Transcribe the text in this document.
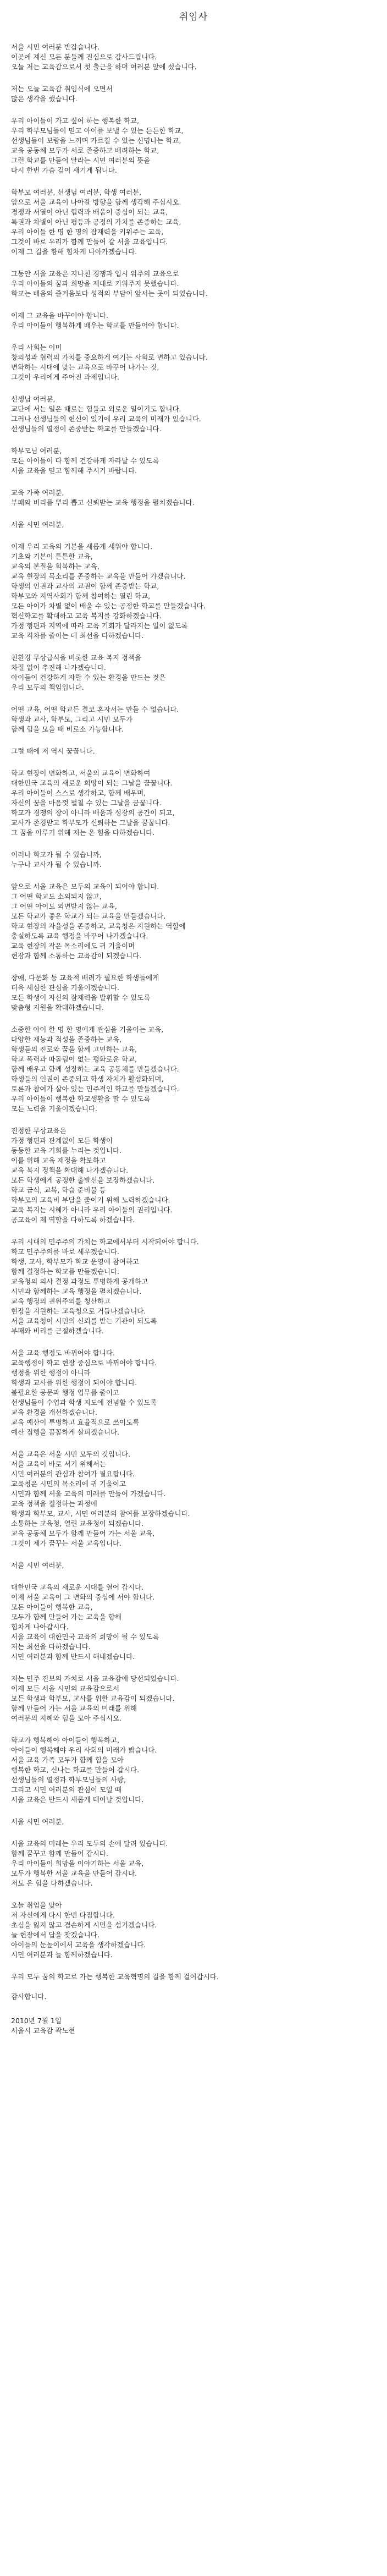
취임사
서울 시민 여러분 반갑습니다.
이곳에 계신 모든 분들께 진심으로 감사드립니다.
오늘 저는 교육감으로서 첫 출근을 하며 여러분 앞에 섰습니다.
저는 오늘 교육감 취임식에 오면서
많은 생각을 했습니다.
우리 아이들이 가고 싶어 하는 행복한 학교,
우리 학부모님들이 믿고 아이를 보낼 수 있는 든든한 학교,
선생님들이 보람을 느끼며 가르칠 수 있는 신명나는 학교,
교육 공동체 모두가 서로 존중하고 배려하는 학교,
그런 학교를 만들어 달라는 시민 여러분의 뜻을
다시 한번 가슴 깊이 새기게 됩니다.
학부모 여러분, 선생님 여러분, 학생 여러분,
앞으로 서울 교육이 나아갈 방향을 함께 생각해 주십시오.
경쟁과 서열이 아닌 협력과 배움이 중심이 되는 교육,
특권과 차별이 아닌 평등과 공정의 가치를 존중하는 교육,
우리 아이들 한 명 한 명의 잠재력을 키워주는 교육,
그것이 바로 우리가 함께 만들어 갈 서울 교육입니다.
이제 그 길을 향해 힘차게 나아가겠습니다.
그동안 서울 교육은 지나친 경쟁과 입시 위주의 교육으로
우리 아이들의 꿈과 희망을 제대로 키워주지 못했습니다.
학교는 배움의 즐거움보다 성적의 부담이 앞서는 곳이 되었습니다.
이제 그 교육을 바꾸어야 합니다.
우리 아이들이 행복하게 배우는 학교를 만들어야 합니다.
우리 사회는 이미
창의성과 협력의 가치를 중요하게 여기는 사회로 변하고 있습니다.
변화하는 시대에 맞는 교육으로 바꾸어 나가는 것,
그것이 우리에게 주어진 과제입니다.
선생님 여러분,
교단에 서는 일은 때로는 힘들고 외로운 일이기도 합니다.
그러나 선생님들의 헌신이 있기에 우리 교육의 미래가 있습니다.
선생님들의 열정이 존중받는 학교를 만들겠습니다.
학부모님 여러분,
모든 아이들이 다 함께 건강하게 자라날 수 있도록
서울 교육을 믿고 함께해 주시기 바랍니다.
교육 가족 여러분,
부패와 비리를 뿌리 뽑고 신뢰받는 교육 행정을 펼치겠습니다.
서울 시민 여러분,
이제 우리 교육의 기본을 새롭게 세워야 합니다.
기초와 기본이 튼튼한 교육,
교육의 본질을 회복하는 교육,
교육 현장의 목소리를 존중하는 교육을 만들어 가겠습니다.
학생의 인권과 교사의 교권이 함께 존중받는 학교,
학부모와 지역사회가 함께 참여하는 열린 학교,
모든 아이가 차별 없이 배울 수 있는 공정한 학교를 만들겠습니다.
혁신학교를 확대하고 교육 복지를 강화하겠습니다.
가정 형편과 지역에 따라 교육 기회가 달라지는 일이 없도록
교육 격차를 줄이는 데 최선을 다하겠습니다.
친환경 무상급식을 비롯한 교육 복지 정책을
차질 없이 추진해 나가겠습니다.
아이들이 건강하게 자랄 수 있는 환경을 만드는 것은
우리 모두의 책임입니다.
어떤 교육, 어떤 학교든 결코 혼자서는 만들 수 없습니다.
학생과 교사, 학부모, 그리고 시민 모두가
함께 힘을 모을 때 비로소 가능합니다.
그럴 때에 저 역시 꿈꿉니다.
학교 현장이 변화하고, 서울의 교육이 변화하여
대한민국 교육의 새로운 희망이 되는 그날을 꿈꿉니다.
우리 아이들이 스스로 생각하고, 함께 배우며,
자신의 꿈을 마음껏 펼칠 수 있는 그날을 꿈꿉니다.
학교가 경쟁의 장이 아니라 배움과 성장의 공간이 되고,
교사가 존경받고 학부모가 신뢰하는 그날을 꿈꿉니다.
그 꿈을 이루기 위해 저는 온 힘을 다하겠습니다.
이러나 학교가 될 수 있습니까,
누구나 교사가 될 수 있습니까.
앞으로 서울 교육은 모두의 교육이 되어야 합니다.
그 어떤 학교도 소외되지 않고,
그 어떤 아이도 외면받지 않는 교육,
모든 학교가 좋은 학교가 되는 교육을 만들겠습니다.
학교 현장의 자율성을 존중하고, 교육청은 지원하는 역할에
충실하도록 교육 행정을 바꾸어 나가겠습니다.
교육 현장의 작은 목소리에도 귀 기울이며
현장과 함께 소통하는 교육감이 되겠습니다.
장애, 다문화 등 교육적 배려가 필요한 학생들에게
더욱 세심한 관심을 기울이겠습니다.
모든 학생이 자신의 잠재력을 발휘할 수 있도록
맞춤형 지원을 확대하겠습니다.
소중한 아이 한 명 한 명에게 관심을 기울이는 교육,
다양한 재능과 적성을 존중하는 교육,
학생들의 진로와 꿈을 함께 고민하는 교육,
학교 폭력과 따돌림이 없는 평화로운 학교,
함께 배우고 함께 성장하는 교육 공동체를 만들겠습니다.
학생들의 인권이 존중되고 학생 자치가 활성화되며,
토론과 참여가 살아 있는 민주적인 학교를 만들겠습니다.
우리 아이들이 행복한 학교생활을 할 수 있도록
모든 노력을 기울이겠습니다.
진정한 무상교육은
가정 형편과 관계없이 모든 학생이
동등한 교육 기회를 누리는 것입니다.
이를 위해 교육 재정을 확보하고
교육 복지 정책을 확대해 나가겠습니다.
모든 학생에게 공정한 출발선을 보장하겠습니다.
학교 급식, 교복, 학습 준비물 등
학부모의 교육비 부담을 줄이기 위해 노력하겠습니다.
교육 복지는 시혜가 아니라 우리 아이들의 권리입니다.
공교육이 제 역할을 다하도록 하겠습니다.
우리 시대의 민주주의 가치는 학교에서부터 시작되어야 합니다.
학교 민주주의를 바로 세우겠습니다.
학생, 교사, 학부모가 학교 운영에 참여하고
함께 결정하는 학교를 만들겠습니다.
교육청의 의사 결정 과정도 투명하게 공개하고
시민과 함께하는 교육 행정을 펼치겠습니다.
교육 행정의 권위주의를 청산하고
현장을 지원하는 교육청으로 거듭나겠습니다.
서울 교육청이 시민의 신뢰를 받는 기관이 되도록
부패와 비리를 근절하겠습니다.
서울 교육 행정도 바뀌어야 합니다.
교육행정이 학교 현장 중심으로 바뀌어야 합니다.
행정을 위한 행정이 아니라
학생과 교사를 위한 행정이 되어야 합니다.
불필요한 공문과 행정 업무를 줄이고
선생님들이 수업과 학생 지도에 전념할 수 있도록
교육 환경을 개선하겠습니다.
교육 예산이 투명하고 효율적으로 쓰이도록
예산 집행을 꼼꼼하게 살피겠습니다.
서울 교육은 서울 시민 모두의 것입니다.
서울 교육이 바로 서기 위해서는
시민 여러분의 관심과 참여가 필요합니다.
교육청은 시민의 목소리에 귀 기울이고
시민과 함께 서울 교육의 미래를 만들어 가겠습니다.
교육 정책을 결정하는 과정에
학생과 학부모, 교사, 시민 여러분의 참여를 보장하겠습니다.
소통하는 교육청, 열린 교육청이 되겠습니다.
교육 공동체 모두가 함께 만들어 가는 서울 교육,
그것이 제가 꿈꾸는 서울 교육입니다.
서울 시민 여러분,
대한민국 교육의 새로운 시대를 열어 갑시다.
이제 서울 교육이 그 변화의 중심에 서야 합니다.
모든 아이들이 행복한 교육,
모두가 함께 만들어 가는 교육을 향해
힘차게 나아갑시다.
서울 교육이 대한민국 교육의 희망이 될 수 있도록
저는 최선을 다하겠습니다.
시민 여러분과 함께 반드시 해내겠습니다.
저는 민주 진보의 가치로 서울 교육감에 당선되었습니다.
이제 모든 서울 시민의 교육감으로서
모든 학생과 학부모, 교사를 위한 교육감이 되겠습니다.
함께 만들어 가는 서울 교육의 미래를 위해
여러분의 지혜와 힘을 모아 주십시오.
학교가 행복해야 아이들이 행복하고,
아이들이 행복해야 우리 사회의 미래가 밝습니다.
서울 교육 가족 모두가 함께 힘을 모아
행복한 학교, 신나는 학교를 만들어 갑시다.
선생님들의 열정과 학부모님들의 사랑,
그리고 시민 여러분의 관심이 모일 때
서울 교육은 반드시 새롭게 태어날 것입니다.
서울 시민 여러분,
서울 교육의 미래는 우리 모두의 손에 달려 있습니다.
함께 꿈꾸고 함께 만들어 갑시다.
우리 아이들이 희망을 이야기하는 서울 교육,
모두가 행복한 서울 교육을 만들어 갑시다.
저도 온 힘을 다하겠습니다.
오늘 취임을 맞아
저 자신에게 다시 한번 다짐합니다.
초심을 잃지 않고 겸손하게 시민을 섬기겠습니다.
늘 현장에서 답을 찾겠습니다.
아이들의 눈높이에서 교육을 생각하겠습니다.
시민 여러분과 늘 함께하겠습니다.
우리 모두 꿈의 학교로 가는 행복한 교육혁명의 길을 함께 걸어갑시다.
감사합니다.
2010년 7월 1일
서울시 교육감 곽노현
